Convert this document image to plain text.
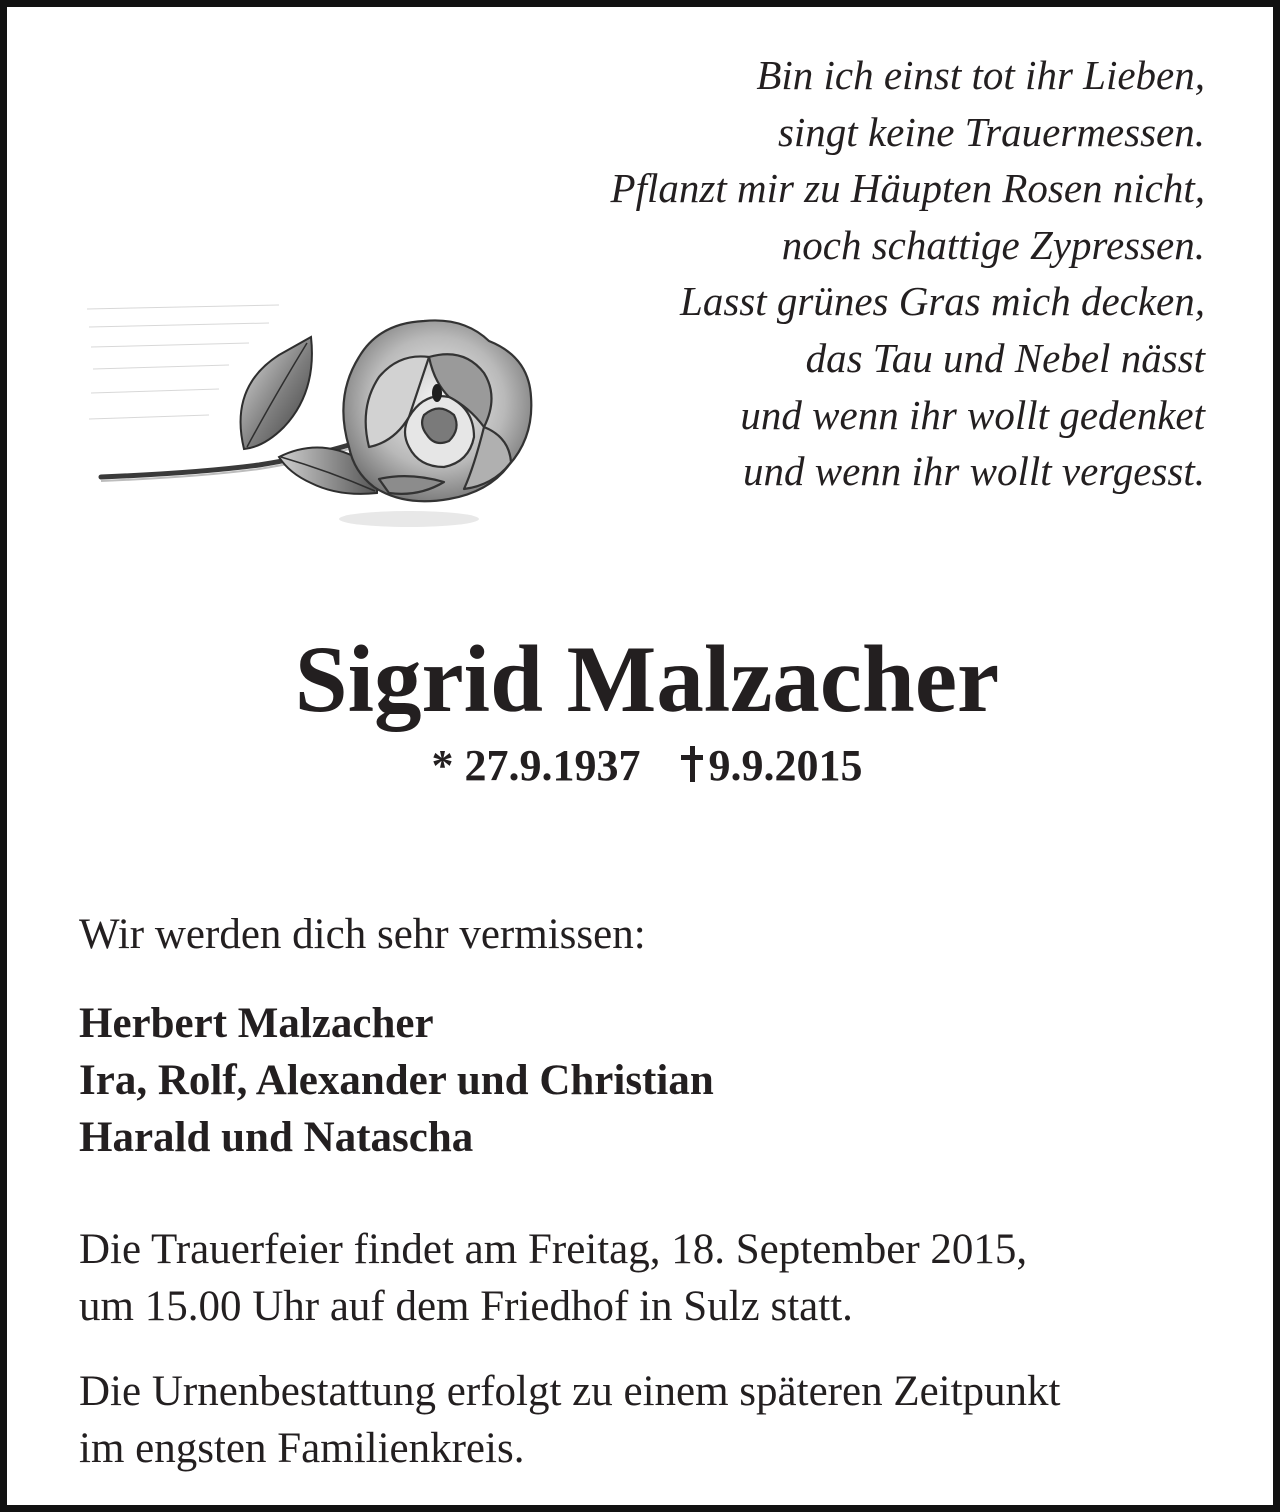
Bin ich einst tot ihr Lieben,
singt keine Trauermessen.
Pflanzt mir zu Häupten Rosen nicht,
noch schattige Zypressen.
Lasst grünes Gras mich decken,
das Tau und Nebel nässt
und wenn ihr wollt gedenket
und wenn ihr wollt vergesst.
Sigrid Malzacher
* 27.9.1937 9.9.2015
Wir werden dich sehr vermissen:
Herbert Malzacher
Ira, Rolf, Alexander und Christian
Harald und Natascha

Die Trauerfeier findet am Freitag, 18. September 2015,
um 15.00 Uhr auf dem Friedhof in Sulz statt.

Die Urnenbestattung erfolgt zu einem späteren Zeitpunkt
im engsten Familienkreis.
